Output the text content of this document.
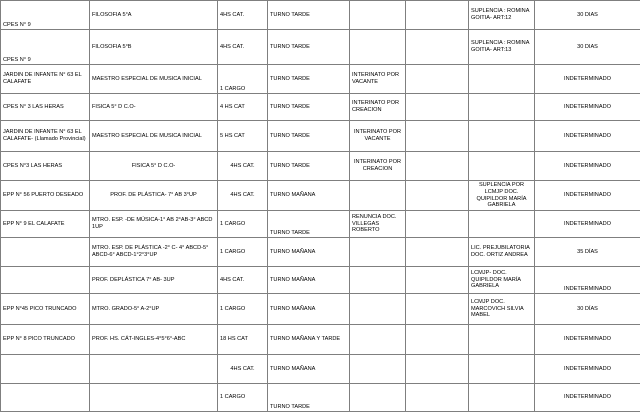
CPES N° 9	FILOSOFIA 5°A	4HS CAT.	TURNO TARDE			SUPLENCIA : ROMINA GOITIA- ART:12	30 DIAS
CPES N° 9	FILOSOFIA 5°B	4HS CAT.	TURNO TARDE			SUPLENCIA : ROMINA GOITIA- ART:13	30 DIAS
JARDIN DE INFANTE N° 63 EL CALAFATE	MAESTRO ESPECIAL DE MUSICA INICIAL	1 CARGO	TURNO TARDE	INTERINATO POR VACANTE			INDETERMINADO
CPES N° 3 LAS HERAS	FISICA 5° D C.O-	4 HS CAT	TURNO TARDE	INTERINATO POR CREACION			INDETERMINADO
JARDIN DE INFANTE N° 63 EL CALAFATE- (Llamado Provincial)	MAESTRO ESPECIAL DE MUSICA INICIAL	5 HS CAT	TURNO TARDE	INTERINATO POR VACANTE			INDETERMINADO
CPES N°3 LAS HERAS	FISICA 5° D C.O-	4HS CAT.	TURNO TARDE	INTERINATO POR CREACION			INDETERMINADO
EPP N° 56 PUERTO DESEADO	PROF. DE PLÁSTICA- 7° AB 3°UP	4HS CAT.	TURNO MAÑANA			SUPLENCIA POR LCMJP DOC. QUIPILDOR MARÍA GABRIELA	INDETERMINADO
EPP N° 9 EL CALAFATE	MTRO. ESP. -DE MÚSICA-1° AB 2°AB-3° ABCD 1UP	1 CARGO	TURNO TARDE	RENUNCIA DOC. VILLEGAS ROBERTO			INDETERMINADO
	MTRO. ESP. DE PLÁSTICA -2° C- 4° ABCD-5° ABCD-6° ABCD-1°2°3°UP	1 CARGO	TURNO MAÑANA			LIC. PREJUBILATORIA DOC. ORTIZ ANDREA	35 DÍAS
	PROF. DEPLÁSTICA 7° AB- 3UP	4HS CAT.	TURNO MAÑANA			LCMJP- DOC. QUIPILDOR MARÍA GABRIELA	INDETERMINADO
EPP N°45 PICO TRUNCADO	MTRO. GRADO-5° A-2°UP	1 CARGO	TURNO MAÑANA			LCMJP DOC. MARCOVICH SILVIA MABEL	30 DÍAS
EPP N° 8 PICO TRUNCADO	PROF. HS. CÁT-INGLES-4°5°6°-ABC	18 HS CAT	TURNO MAÑANA Y TARDE				INDETERMINADO
		4HS CAT.	TURNO MAÑANA				INDETERMINADO
		1 CARGO	TURNO TARDE				INDETERMINADO
